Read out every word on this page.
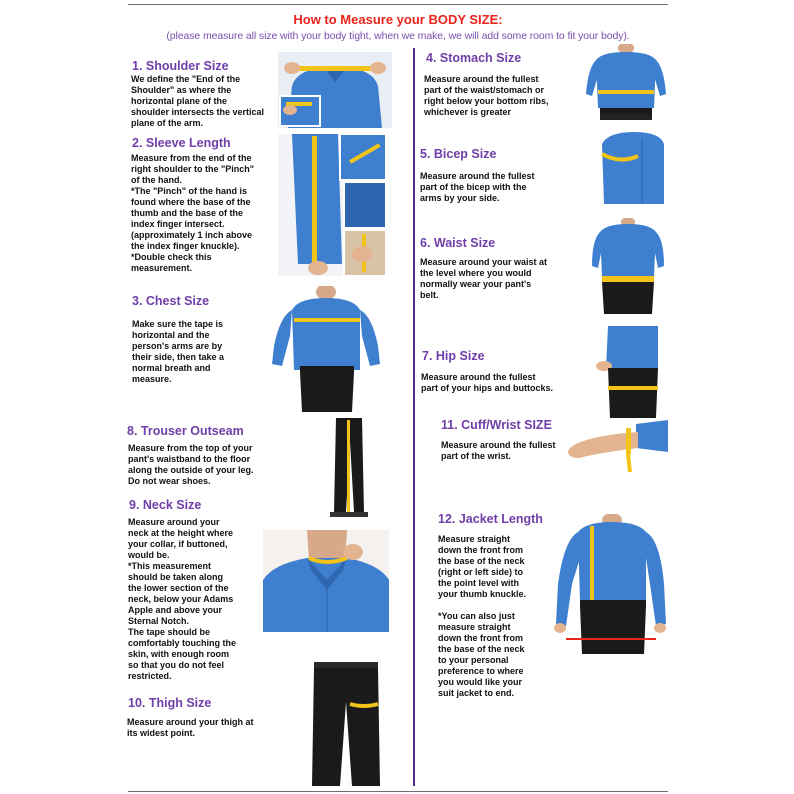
How to Measure your BODY SIZE:
(please measure all size with your body tight, when we make, we will add some room to fit your body).
1. Shoulder Size
We define the "End of the
Shoulder" as where the
horizontal plane of the
shoulder intersects the vertical
plane of the arm.
2. Sleeve Length
Measure from the end of the
right shoulder to the "Pinch"
of the hand.
*The "Pinch" of the hand is
found where the base of the
thumb and the base of the
index finger intersect.
(approximately 1 inch above
the index finger knuckle).
*Double check this
measurement.
3. Chest Size
Make sure the tape is
horizontal and the
person's arms are by
their side, then take a
normal breath and
measure.
8. Trouser Outseam
Measure from the top of your
pant's waistband to the floor
along the outside of your leg.
Do not wear shoes.
9. Neck Size
Measure around your
neck at the height where
your collar, if buttoned,
would be.
*This measurement
should be taken along
the lower section of the
neck, below your Adams
Apple and above your
Sternal Notch.
The tape should be
comfortably touching the
skin, with enough room
so that you do not feel
restricted.
10. Thigh Size
Measure around your thigh at
its widest point.
4. Stomach Size
Measure around the fullest
part of the waist/stomach or
right below your bottom ribs,
whichever is greater
5. Bicep Size
Measure around the fullest
part of the bicep with the
arms by your side.
6. Waist Size
Measure around your waist at
the level where you would
normally wear your pant's
belt.
7. Hip Size
Measure around the fullest
part of your hips and buttocks.
11. Cuff/Wrist SIZE
Measure around the fullest
part of the wrist.
12. Jacket Length
Measure straight
down the front from
the base of the neck
(right or left side) to
the point level with
your thumb knuckle.

*You can also just
measure straight
down the front from
the base of the neck
to your personal
preference to where
you would like your
suit jacket to end.
